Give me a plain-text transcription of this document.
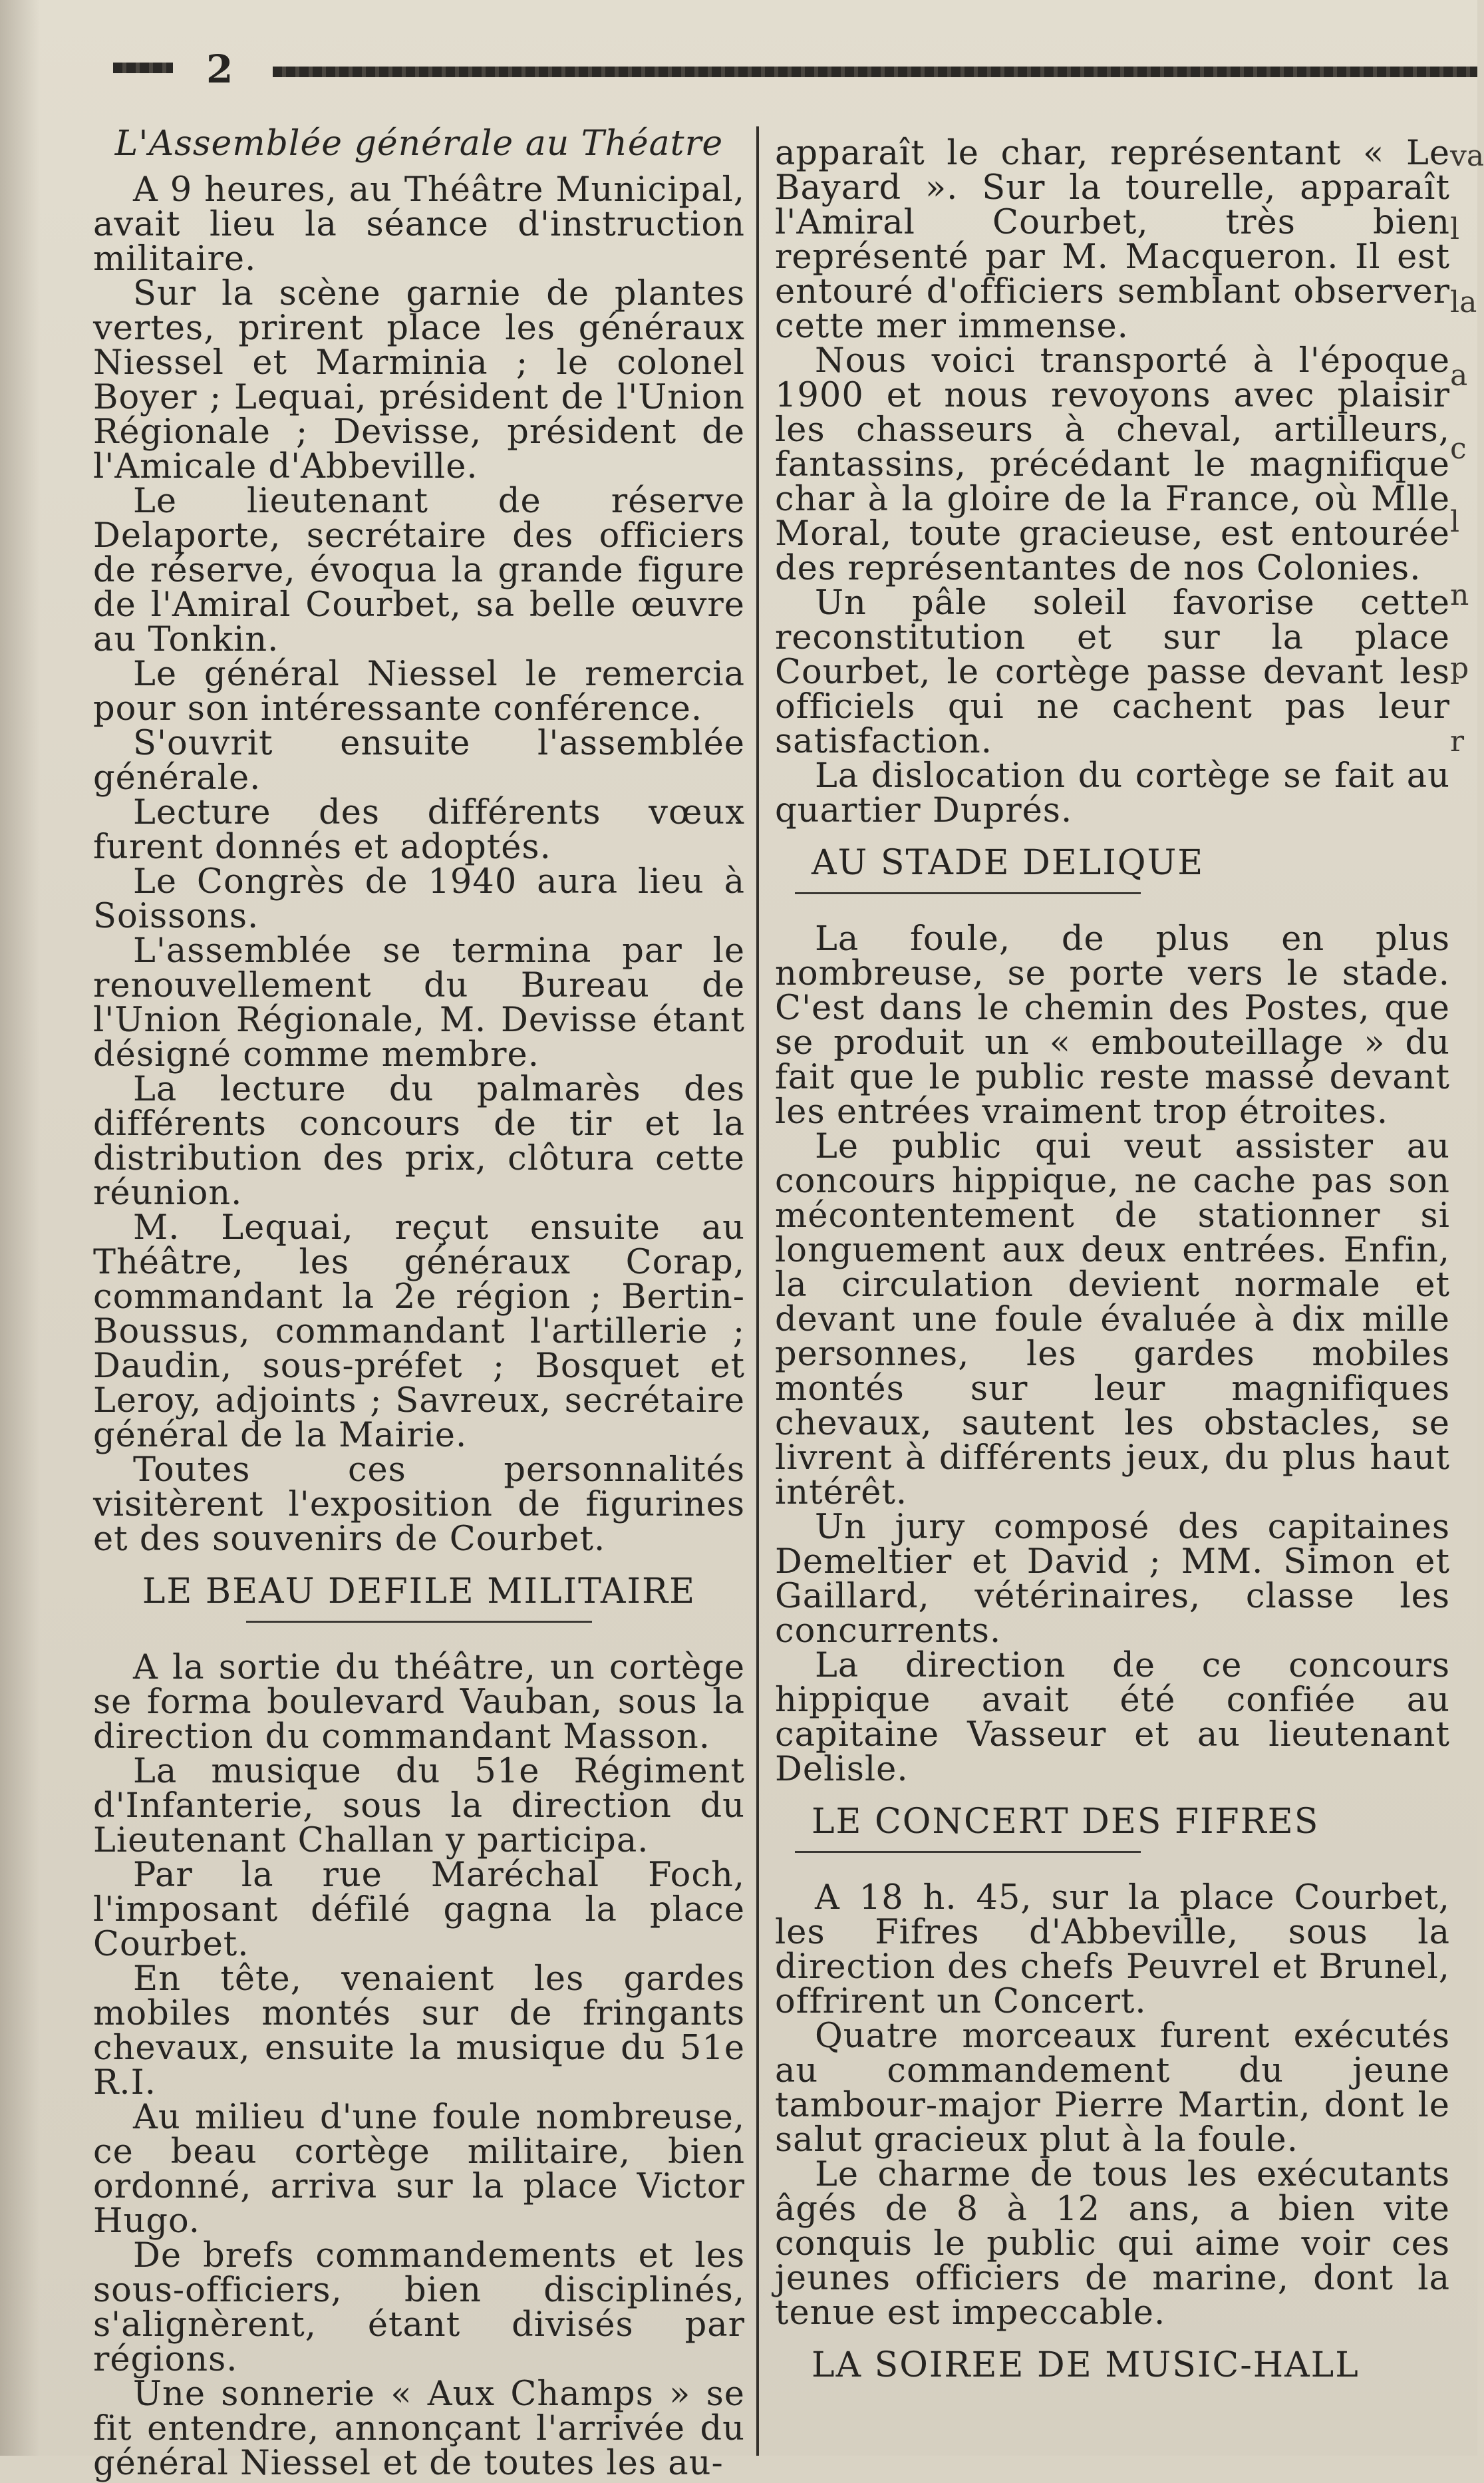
2
L'Assemblée générale au Théatre

A 9 heures, au Théâtre Municipal, avait lieu la séance d'instruction militaire.

Sur la scène garnie de plantes vertes, prirent place les généraux Niessel et Marminia ; le colonel Boyer ; Lequai, président de l'Union Régionale ; Devisse, président de l'Amicale d'Abbeville.

Le lieutenant de réserve Delaporte, secrétaire des officiers de réserve, évoqua la grande figure de l'Amiral Courbet, sa belle œuvre au Tonkin.

Le général Niessel le remercia pour son intéressante conférence.

S'ouvrit ensuite l'assemblée générale.

Lecture des différents vœux furent donnés et adoptés.

Le Congrès de 1940 aura lieu à Soissons.

L'assemblée se termina par le renouvellement du Bureau de l'Union Régionale, M. Devisse étant désigné comme membre.

La lecture du palmarès des différents concours de tir et la distribution des prix, clôtura cette réunion.

M. Lequai, reçut ensuite au Théâtre, les généraux Corap, commandant la 2e région ; Bertin-Boussus, commandant l'artillerie ; Daudin, sous-préfet ; Bosquet et Leroy, adjoints ; Savreux, secrétaire général de la Mairie.

Toutes ces personnalités visitèrent l'exposition de figurines et des souvenirs de Courbet.

LE BEAU DEFILE MILITAIRE

A la sortie du théâtre, un cortège se forma boulevard Vauban, sous la direction du commandant Masson.

La musique du 51e Régiment d'Infanterie, sous la direction du Lieutenant Challan y participa.

Par la rue Maréchal Foch, l'imposant défilé gagna la place Courbet.

En tête, venaient les gardes mobiles montés sur de fringants chevaux, ensuite la musique du 51e R.I.

Au milieu d'une foule nombreuse, ce beau cortège militaire, bien ordonné, arriva sur la place Victor Hugo.

De brefs commandements et les sous-officiers, bien disciplinés, s'alignèrent, étant divisés par régions.

Une sonnerie « Aux Champs » se fit entendre, annonçant l'arrivée du général Niessel et de toutes les au-

apparaît le char, représentant « Le Bayard ». Sur la tourelle, apparaît l'Amiral Courbet, très bien représenté par M. Macqueron. Il est entouré d'officiers semblant observer cette mer immense.

Nous voici transporté à l'époque 1900 et nous revoyons avec plaisir les chasseurs à cheval, artilleurs, fantassins, précédant le magnifique char à la gloire de la France, où Mlle Moral, toute gracieuse, est entourée des représentantes de nos Colonies.

Un pâle soleil favorise cette reconstitution et sur la place Courbet, le cortège passe devant les officiels qui ne cachent pas leur satisfaction.

La dislocation du cortège se fait au quartier Duprés.

AU STADE DELIQUE

La foule, de plus en plus nombreuse, se porte vers le stade. C'est dans le chemin des Postes, que se produit un « embouteillage » du fait que le public reste massé devant les entrées vraiment trop étroites.

Le public qui veut assister au concours hippique, ne cache pas son mécontentement de stationner si longuement aux deux entrées. Enfin, la circulation devient normale et devant une foule évaluée à dix mille personnes, les gardes mobiles montés sur leur magnifiques chevaux, sautent les obstacles, se livrent à différents jeux, du plus haut intérêt.

Un jury composé des capitaines Demeltier et David ; MM. Simon et Gaillard, vétérinaires, classe les concurrents.

La direction de ce concours hippique avait été confiée au capitaine Vasseur et au lieutenant Delisle.

LE CONCERT DES FIFRES

A 18 h. 45, sur la place Courbet, les Fifres d'Abbeville, sous la direction des chefs Peuvrel et Brunel, offrirent un Concert.

Quatre morceaux furent exécutés au commandement du jeune tambour-major Pierre Martin, dont le salut gracieux plut à la foule.

Le charme de tous les exécutants âgés de 8 à 12 ans, a bien vite conquis le public qui aime voir ces jeunes officiers de marine, dont la tenue est impeccable.

LA SOIREE DE MUSIC-HALL
va
l
la
a
c
l
n
p
r
